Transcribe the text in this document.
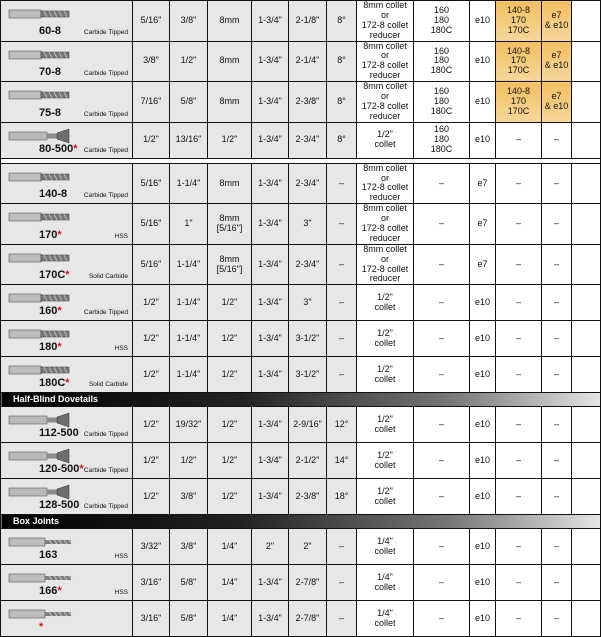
60-8 Carbide Tipped	5/16"	3/8"	8mm	1-3/4"	2-1/8"	8°	8mm collet
or
172-8 collet
reducer	160
180
180C	e10	140-8
170
170C	e7
& e10	

70-8 Carbide Tipped	3/8"	1/2"	8mm	1-3/4"	2-1/4"	8°	8mm collet
or
172-8 collet
reducer	160
180
180C	e10	140-8
170
170C	e7
& e10	

75-8 Carbide Tipped	7/16"	5/8"	8mm	1-3/4"	2-3/8"	8°	8mm collet
or
172-8 collet
reducer	160
180
180C	e10	140-8
170
170C	e7
& e10	

80-500* Carbide Tipped	1/2"	13/16"	1/2"	1-3/4"	2-3/4"	8°	1/2"
collet	160
180
180C	e10	–	–	

140-8 Carbide Tipped	5/16"	1-1/4"	8mm	1-3/4"	2-3/4"	–	8mm collet
or
172-8 collet
reducer	–	e7	–	–	

170* HSS	5/16"	1"	8mm
[5/16"]	1-3/4"	3"	–	8mm collet
or
172-8 collet
reducer	–	e7	–	–	

170C* Solid Carbide	5/16"	1-1/4"	8mm
[5/16"]	1-3/4"	2-3/4"	–	8mm collet
or
172-8 collet
reducer	–	e7	–	–	

160* Carbide Tipped	1/2"	1-1/4"	1/2"	1-3/4"	3"	–	1/2"
collet	–	e10	–	–	

180* HSS	1/2"	1-1/4"	1/2"	1-3/4"	3-1/2"	–	1/2"
collet	–	e10	–	–	

180C* Solid Carbide	1/2"	1-1/4"	1/2"	1-3/4"	3-1/2"	–	1/2"
collet	–	e10	–	–	
Half-Blind Dovetails												

112-500 Carbide Tipped	1/2"	19/32"	1/2"	1-3/4"	2-9/16"	12°	1/2"
collet	–	e10	–	–	

120-500* Carbide Tipped	1/2"	1/2"	1/2"	1-3/4"	2-1/2"	14°	1/2"
collet	–	e10	–	–	

128-500 Carbide Tipped	1/2"	3/8"	1/2"	1-3/4"	2-3/8"	18°	1/2"
collet	–	e10	–	–	
Box Joints												

163 HSS	3/32"	3/8"	1/4"	2"	2"	–	1/4"
collet	–	e10	–	–	

166* HSS	3/16"	5/8"	1/4"	1-3/4"	2-7/8"	–	1/4"
collet	–	e10	–	–	

*	3/16"	5/8"	1/4"	1-3/4"	2-7/8"	–	1/4"
collet	–	e10	–	–	
